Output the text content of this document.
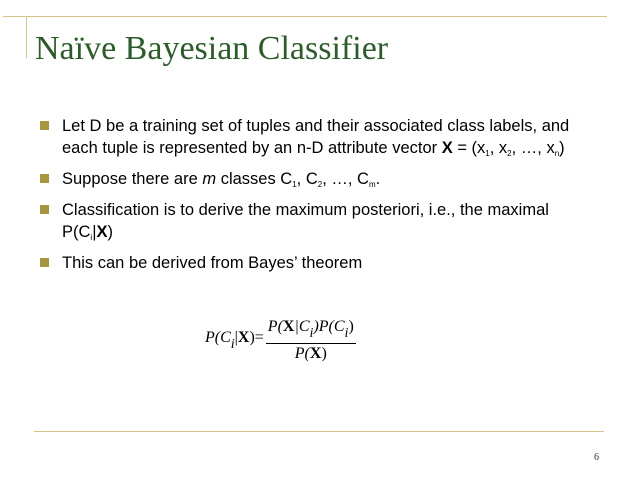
Naïve Bayesian Classifier
Let D be a training set of tuples and their associated class labels, and each tuple is represented by an n-D attribute vector $X = (x_1$, $x_2$, …, $x_n$)
Suppose there are m classes $C_1$, $C_2$, …, $C_m$.
Classification is to derive the maximum posteriori, i.e., the maximal $P(C_i|X)$
This can be derived from Bayes’ theorem
$P(Ci|X)= \frac{P(X|Ci)P(Ci)}{P(X)}$
6
